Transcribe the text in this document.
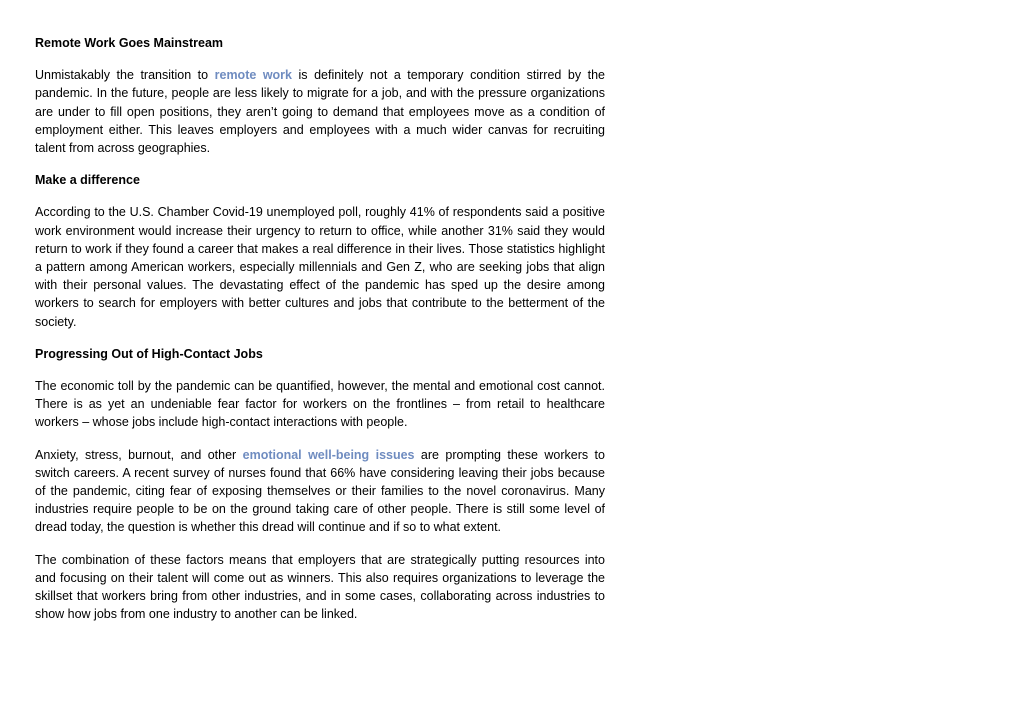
Remote Work Goes Mainstream

Unmistakably the transition to remote work is definitely not a temporary condition stirred by the pandemic. In the future, people are less likely to migrate for a job, and with the pressure organizations are under to fill open positions, they aren’t going to demand that employees move as a condition of employment either. This leaves employers and employees with a much wider canvas for recruiting talent from across geographies.

Make a difference

According to the U.S. Chamber Covid-19 unemployed poll, roughly 41% of respondents said a positive work environment would increase their urgency to return to office, while another 31% said they would return to work if they found a career that makes a real difference in their lives. Those statistics highlight a pattern among American workers, especially millennials and Gen Z, who are seeking jobs that align with their personal values. The devastating effect of the pandemic has sped up the desire among workers to search for employers with better cultures and jobs that contribute to the betterment of the society.

Progressing Out of High-Contact Jobs

The economic toll by the pandemic can be quantified, however, the mental and emotional cost cannot. There is as yet an undeniable fear factor for workers on the frontlines – from retail to healthcare workers – whose jobs include high-contact interactions with people.

Anxiety, stress, burnout, and other emotional well-being issues are prompting these workers to switch careers. A recent survey of nurses found that 66% have considering leaving their jobs because of the pandemic, citing fear of exposing themselves or their families to the novel coronavirus. Many industries require people to be on the ground taking care of other people. There is still some level of dread today, the question is whether this dread will continue and if so to what extent.

The combination of these factors means that employers that are strategically putting resources into and focusing on their talent will come out as winners. This also requires organizations to leverage the skillset that workers bring from other industries, and in some cases, collaborating across industries to show how jobs from one industry to another can be linked.
